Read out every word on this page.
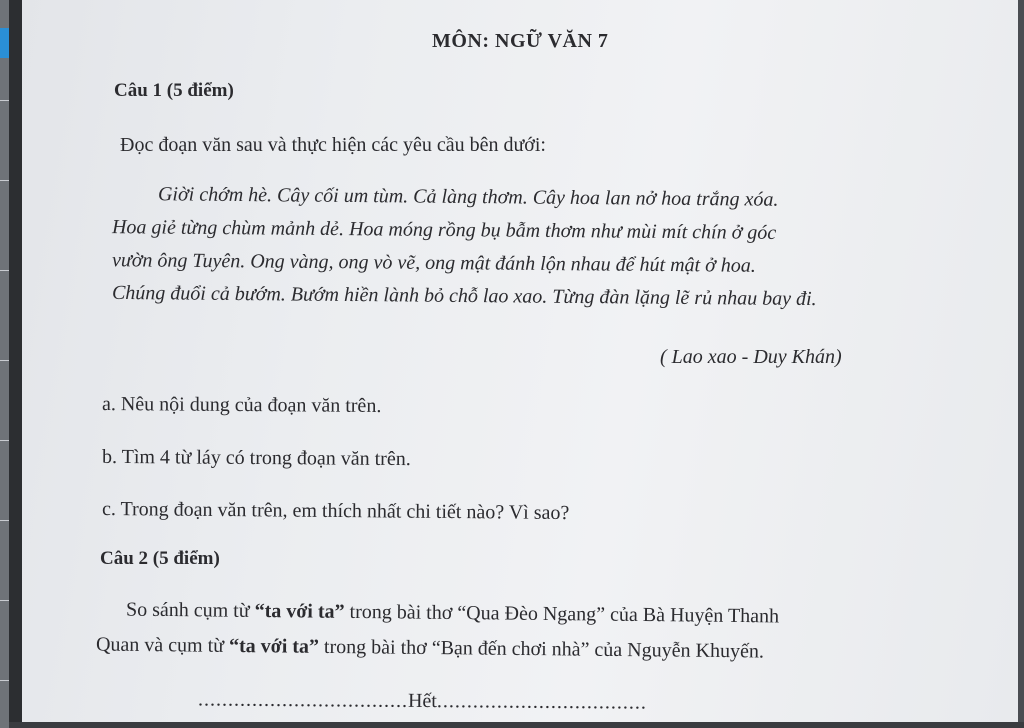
MÔN: NGỮ VĂN 7
Câu 1 (5 điểm)
Đọc đoạn văn sau và thực hiện các yêu cầu bên dưới:
Giời chớm hè. Cây cối um tùm. Cả làng thơm. Cây hoa lan nở hoa trắng xóa.
Hoa giẻ từng chùm mảnh dẻ. Hoa móng rồng bụ bẫm thơm như mùi mít chín ở góc
vườn ông Tuyên. Ong vàng, ong vò vẽ, ong mật đánh lộn nhau để hút mật ở hoa.
Chúng đuổi cả bướm. Bướm hiền lành bỏ chỗ lao xao. Từng đàn lặng lẽ rủ nhau bay đi.
( Lao xao - Duy Khán)
a. Nêu nội dung của đoạn văn trên.
b. Tìm 4 từ láy có trong đoạn văn trên.
c. Trong đoạn văn trên, em thích nhất chi tiết nào? Vì sao?
Câu 2 (5 điểm)
So sánh cụm từ “ta với ta” trong bài thơ “Qua Đèo Ngang” của Bà Huyện Thanh
Quan và cụm từ “ta với ta” trong bài thơ “Bạn đến chơi nhà” của Nguyễn Khuyến.
...................................Hết...................................
